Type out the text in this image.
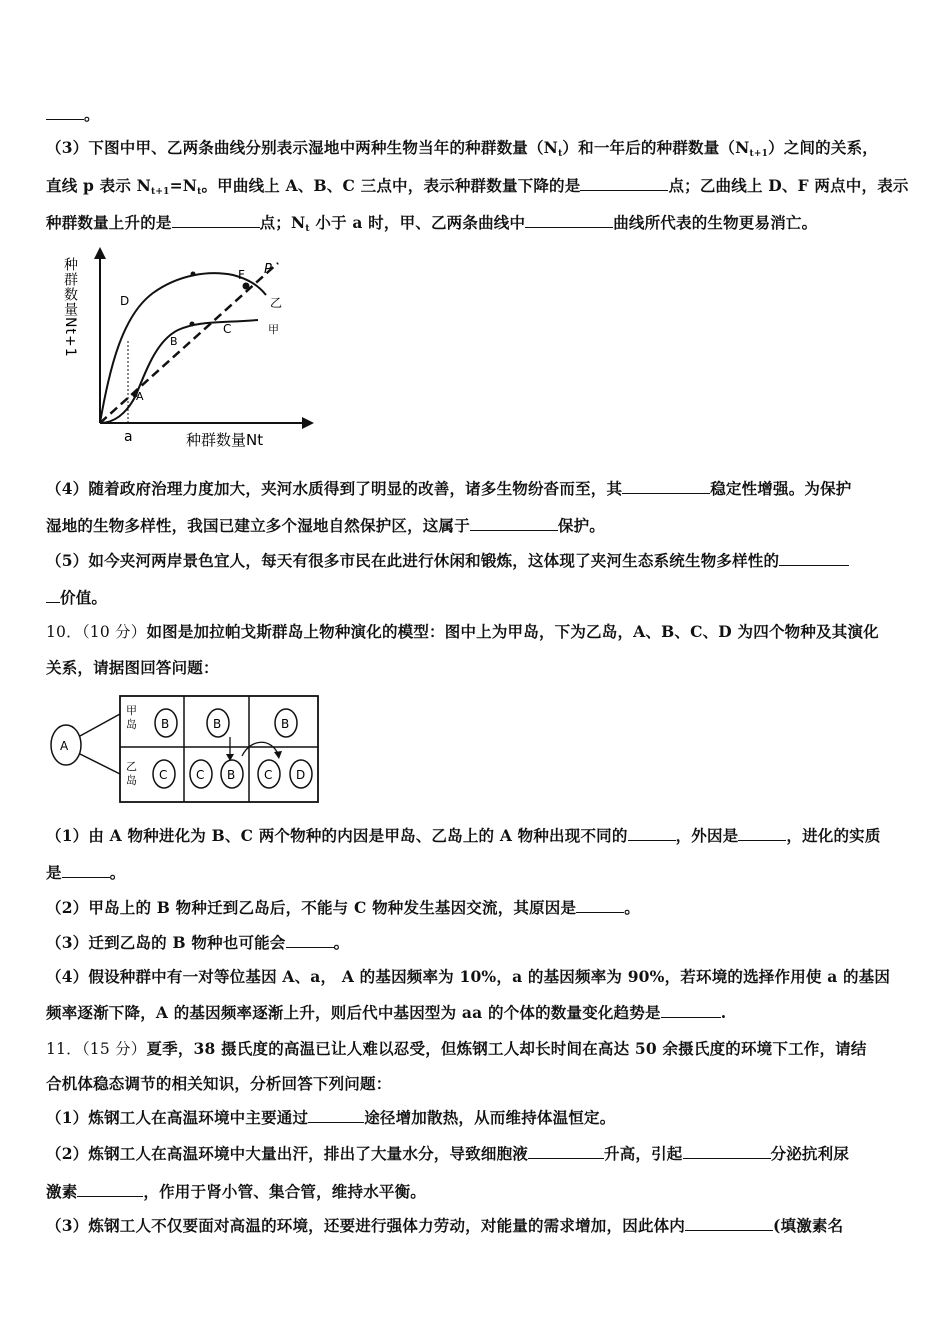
。
（3）下图中甲、乙两条曲线分别表示湿地中两种生物当年的种群数量$(N_t)$和一年后的种群数量$(N_{t+1})$之间的关系，
直线 p 表示 $N_{t+1}=N_t$。甲曲线上 A、B、C 三点中，表示种群数量下降的是	点；乙曲线上 D、F 两点中，表示
种群数量上升的是	点；$N_t$ 小于 a 时，甲、乙两条曲线中	曲线所代表的生物更易消亡。
种群数量Nt+1
种群数量Nt
a
D
B
A
C
F P
乙
甲
（4）随着政府治理力度加大，夹河水质得到了明显的改善，诸多生物纷沓而至，其	稳定性增强。为保护
湿地的生物多样性，我国已建立多个湿地自然保护区，这属于	保护。
（5）如今夹河两岸景色宜人，每天有很多市民在此进行休闲和锻炼，这体现了夹河生态系统生物多样性的
价值。
10．（10 分）如图是加拉帕戈斯群岛上物种演化的模型：图中上为甲岛，下为乙岛，A、B、C、D 为四个物种及其演化
关系，请据图回答问题：
A
甲
岛
乙
岛
B	B	B
C C B C D
（1）由 A 物种进化为 B、C 两个物种的内因是甲岛、乙岛上的 A 物种出现不同的	，外因是	，进化的实质
是	。
（2）甲岛上的 B 物种迁到乙岛后，不能与 C 物种发生基因交流，其原因是	。
（3）迁到乙岛的 B 物种也可能会	。
（4）假设种群中有一对等位基因 A、a， A 的基因频率为 10%，a 的基因频率为 90%，若环境的选择作用使 a 的基因
频率逐渐下降，A 的基因频率逐渐上升，则后代中基因型为 aa 的个体的数量变化趋势是	.
11．（15 分）夏季，38 摄氏度的高温已让人难以忍受，但炼钢工人却长时间在高达 50 余摄氏度的环境下工作，请结
合机体稳态调节的相关知识，分析回答下列问题：
（1）炼钢工人在高温环境中主要通过	途径增加散热，从而维持体温恒定。
（2）炼钢工人在高温环境中大量出汗，排出了大量水分，导致细胞液	升高，引起	分泌抗利尿
激素	，作用于肾小管、集合管，维持水平衡。
（3）炼钢工人不仅要面对高温的环境，还要进行强体力劳动，对能量的需求增加，因此体内	(填激素名
